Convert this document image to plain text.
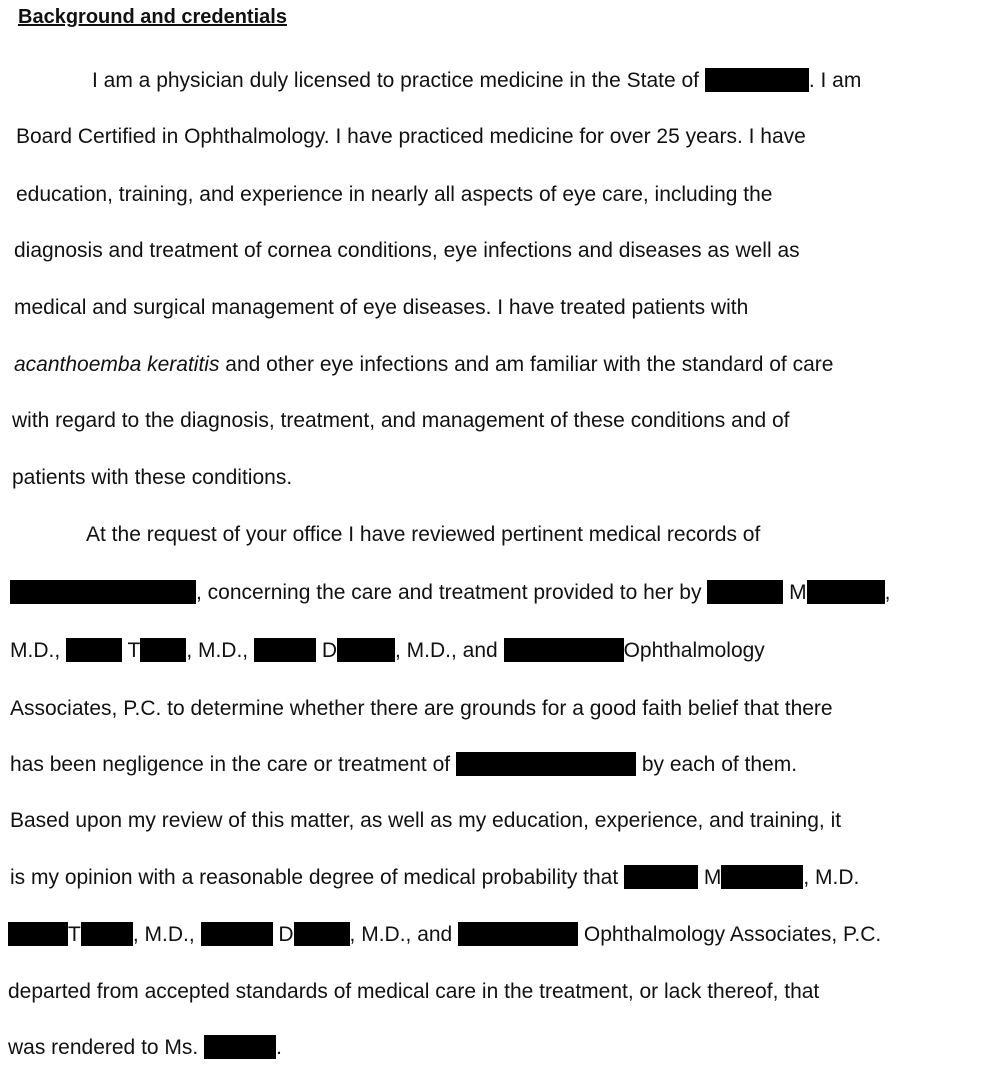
Background and credentials
I am a physician duly licensed to practice medicine in the State of	. I am
Board Certified in Ophthalmology. I have practiced medicine for over 25 years. I have
education, training, and experience in nearly all aspects of eye care, including the
diagnosis and treatment of cornea conditions, eye infections and diseases as well as
medical and surgical management of eye diseases. I have treated patients with
acanthoemba keratitis and other eye infections and am familiar with the standard of care
with regard to the diagnosis, treatment, and management of these conditions and of
patients with these conditions.
At the request of your office I have reviewed pertinent medical records of
, concerning the care and treatment provided to her by	M	,
M.D.,	T , M.D.,	D	, M.D., and	Ophthalmology
Associates, P.C. to determine whether there are grounds for a good faith belief that there
has been negligence in the care or treatment of	by each of them.
Based upon my review of this matter, as well as my education, experience, and training, it
is my opinion with a reasonable degree of medical probability that	M	, M.D.
T , M.D.,	D	, M.D., and	Ophthalmology Associates, P.C.
departed from accepted standards of medical care in the treatment, or lack thereof, that
was rendered to Ms.	.
